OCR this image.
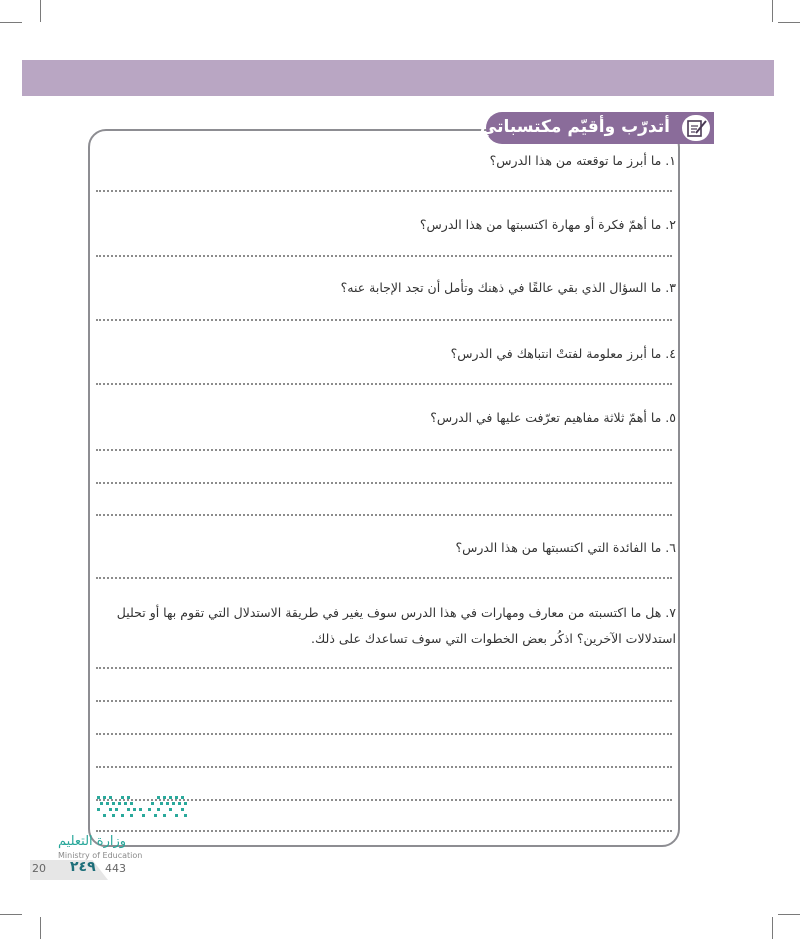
أتدرّب وأقيّم مكتسباتي
١. ما أبرز ما توقعته من هذا الدرس؟
٢. ما أهمّ فكرة أو مهارة اكتسبتها من هذا الدرس؟
٣. ما السؤال الذي بقي عالقًا في ذهنك وتأمل أن تجد الإجابة عنه؟
٤. ما أبرز معلومة لفتتْ انتباهك في الدرس؟
٥. ما أهمّ ثلاثة مفاهيم تعرّفت عليها في الدرس؟
٦. ما الفائدة التي اكتسبتها من هذا الدرس؟
٧. هل ما اكتسبته من معارف ومهارات في هذا الدرس سوف يغير في طريقة الاستدلال التي تقوم بها أو تحليل استدلالات الآخرين؟ اذكُر بعض الخطوات التي سوف تساعدك على ذلك.
وزارة التعليم
Ministry of Education
20 ٢٤٩ 443
